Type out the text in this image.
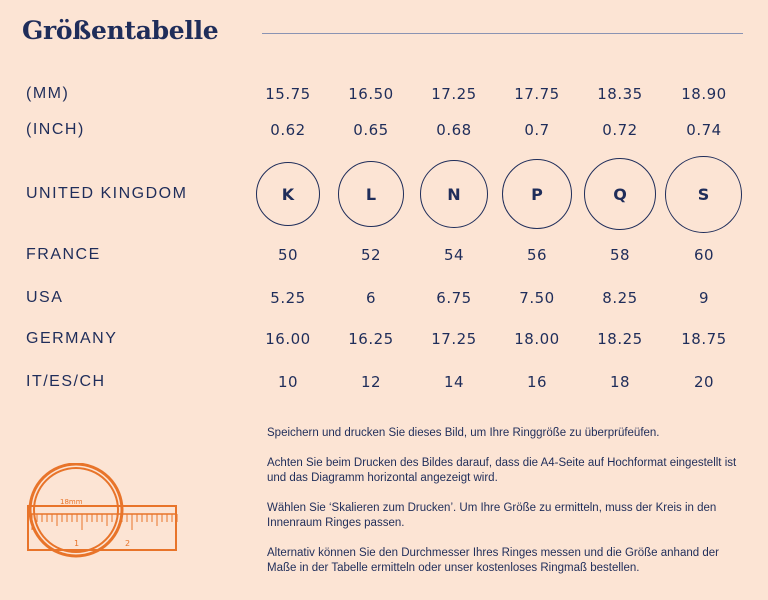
Größentabelle
(MM)	15.75	16.50	17.25	17.75	18.35	18.90
(INCH)	0.62	0.65	0.68	0.7	0.72	0.74
UNITED KINGDOM	K	L	N	P	Q	S
FRANCE	50	52	54	56	58	60
USA	5.25	6	6.75	7.50	8.25	9
GERMANY	16.00	16.25	17.25	18.00	18.25	18.75
IT/ES/CH	10	12	14	16	18	20
18mm
1	2

Speichern und drucken Sie dieses Bild, um Ihre Ringgröße zu überprüfeüfen.

Achten Sie beim Drucken des Bildes darauf, dass die A4-Seite auf Hochformat eingestellt ist und das Diagramm horizontal angezeigt wird.

Wählen Sie ‘Skalieren zum Drucken’. Um Ihre Größe zu ermitteln, muss der Kreis in den Innenraum Ringes passen.

Alternativ können Sie den Durchmesser Ihres Ringes messen und die Größe anhand der Maße in der Tabelle ermitteln oder unser kostenloses Ringmaß bestellen.
